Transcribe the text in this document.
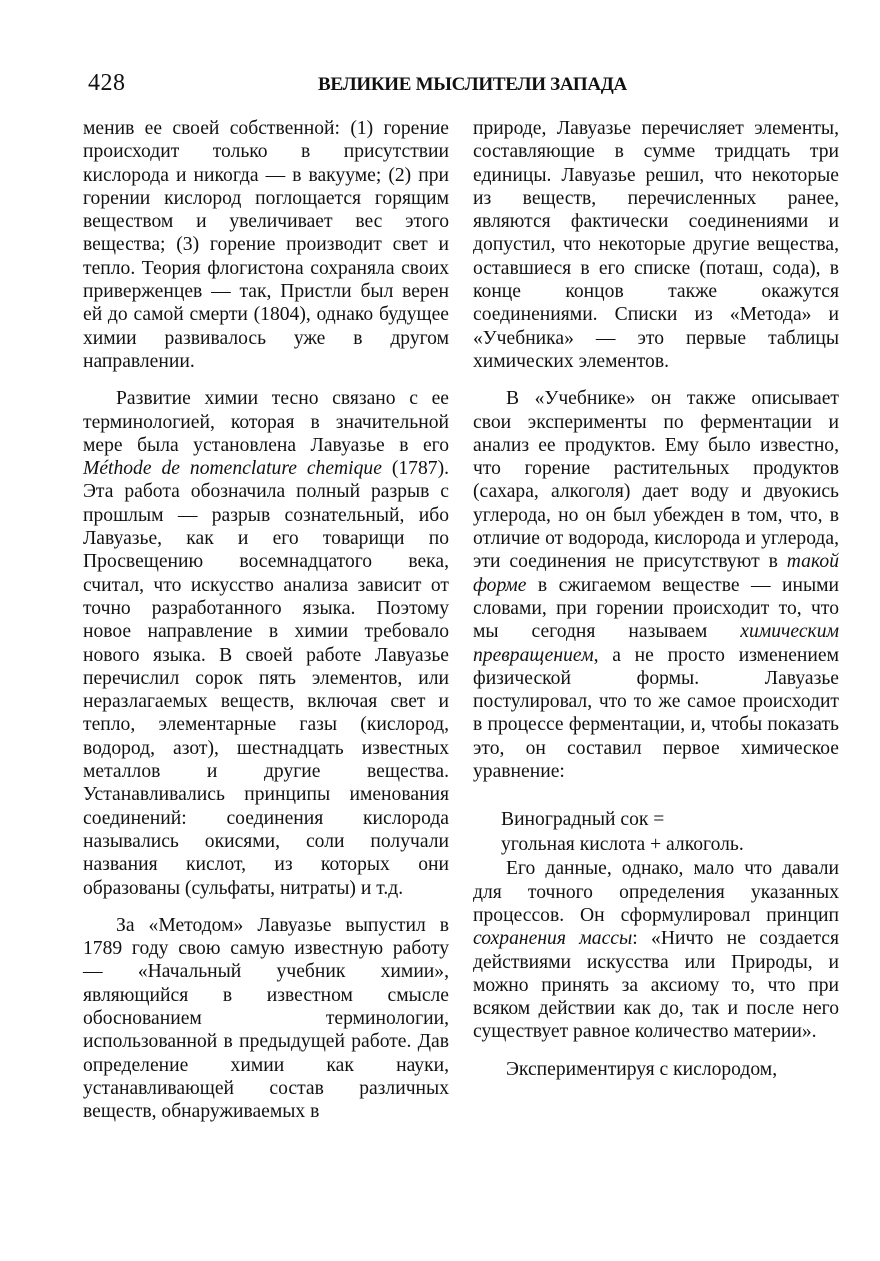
428	ВЕЛИКИЕ МЫСЛИТЕЛИ ЗАПАДА

менив ее своей собственной: (1) горение происходит только в присутствии кислорода и никогда — в вакууме; (2) при горении кислород поглощается горящим веществом и увеличивает вес этого вещества; (3) горение производит свет и тепло. Теория флогистона сохраняла своих приверженцев — так, Пристли был верен ей до самой смерти (1804), однако будущее химии развивалось уже в другом направлении.

Развитие химии тесно связано с ее терминологией, которая в значительной мере была установлена Лавуазье в его Méthode de nomenclature chemique (1787). Эта работа обозначила полный разрыв с прошлым — разрыв сознательный, ибо Лавуазье, как и его товарищи по Просвещению восемнадцатого века, считал, что искусство анализа зависит от точно разработанного языка. Поэтому новое направление в химии требовало нового языка. В своей работе Лавуазье перечислил сорок пять элементов, или неразлагаемых веществ, включая свет и тепло, элементарные газы (кислород, водород, азот), шестнадцать известных металлов и другие вещества. Устанавливались принципы именования соединений: соединения кислорода назывались окисями, соли получали названия кислот, из которых они образованы (сульфаты, нитраты) и т.д.

За «Методом» Лавуазье выпустил в 1789 году свою самую известную работу — «Начальный учебник химии», являющийся в известном смысле обоснованием терминологии, использованной в предыдущей работе. Дав определение химии как науки, устанавливающей состав различных веществ, обнаруживаемых в

природе, Лавуазье перечисляет элементы, составляющие в сумме тридцать три единицы. Лавуазье решил, что некоторые из веществ, перечисленных ранее, являются фактически соединениями и допустил, что некоторые другие вещества, оставшиеся в его списке (поташ, сода), в конце концов также окажутся соединениями. Списки из «Метода» и «Учебника» — это первые таблицы химических элементов.

В «Учебнике» он также описывает свои эксперименты по ферментации и анализ ее продуктов. Ему было известно, что горение растительных продуктов (сахара, алкоголя) дает воду и двуокись углерода, но он был убежден в том, что, в отличие от водорода, кислорода и углерода, эти соединения не присутствуют в такой форме в сжигаемом веществе — иными словами, при горении происходит то, что мы сегодня называем химическим превращением, а не просто изменением физической формы. Лавуазье постулировал, что то же самое происходит в процессе ферментации, и, чтобы показать это, он составил первое химическое уравнение:

Виноградный сок =
угольная кислота + алкоголь.

Его данные, однако, мало что давали для точного определения указанных процессов. Он сформулировал принцип сохранения массы: «Ничто не создается действиями искусства или Природы, и можно принять за аксиому то, что при всяком действии как до, так и после него существует равное количество материи».

Экспериментируя с кислородом,
